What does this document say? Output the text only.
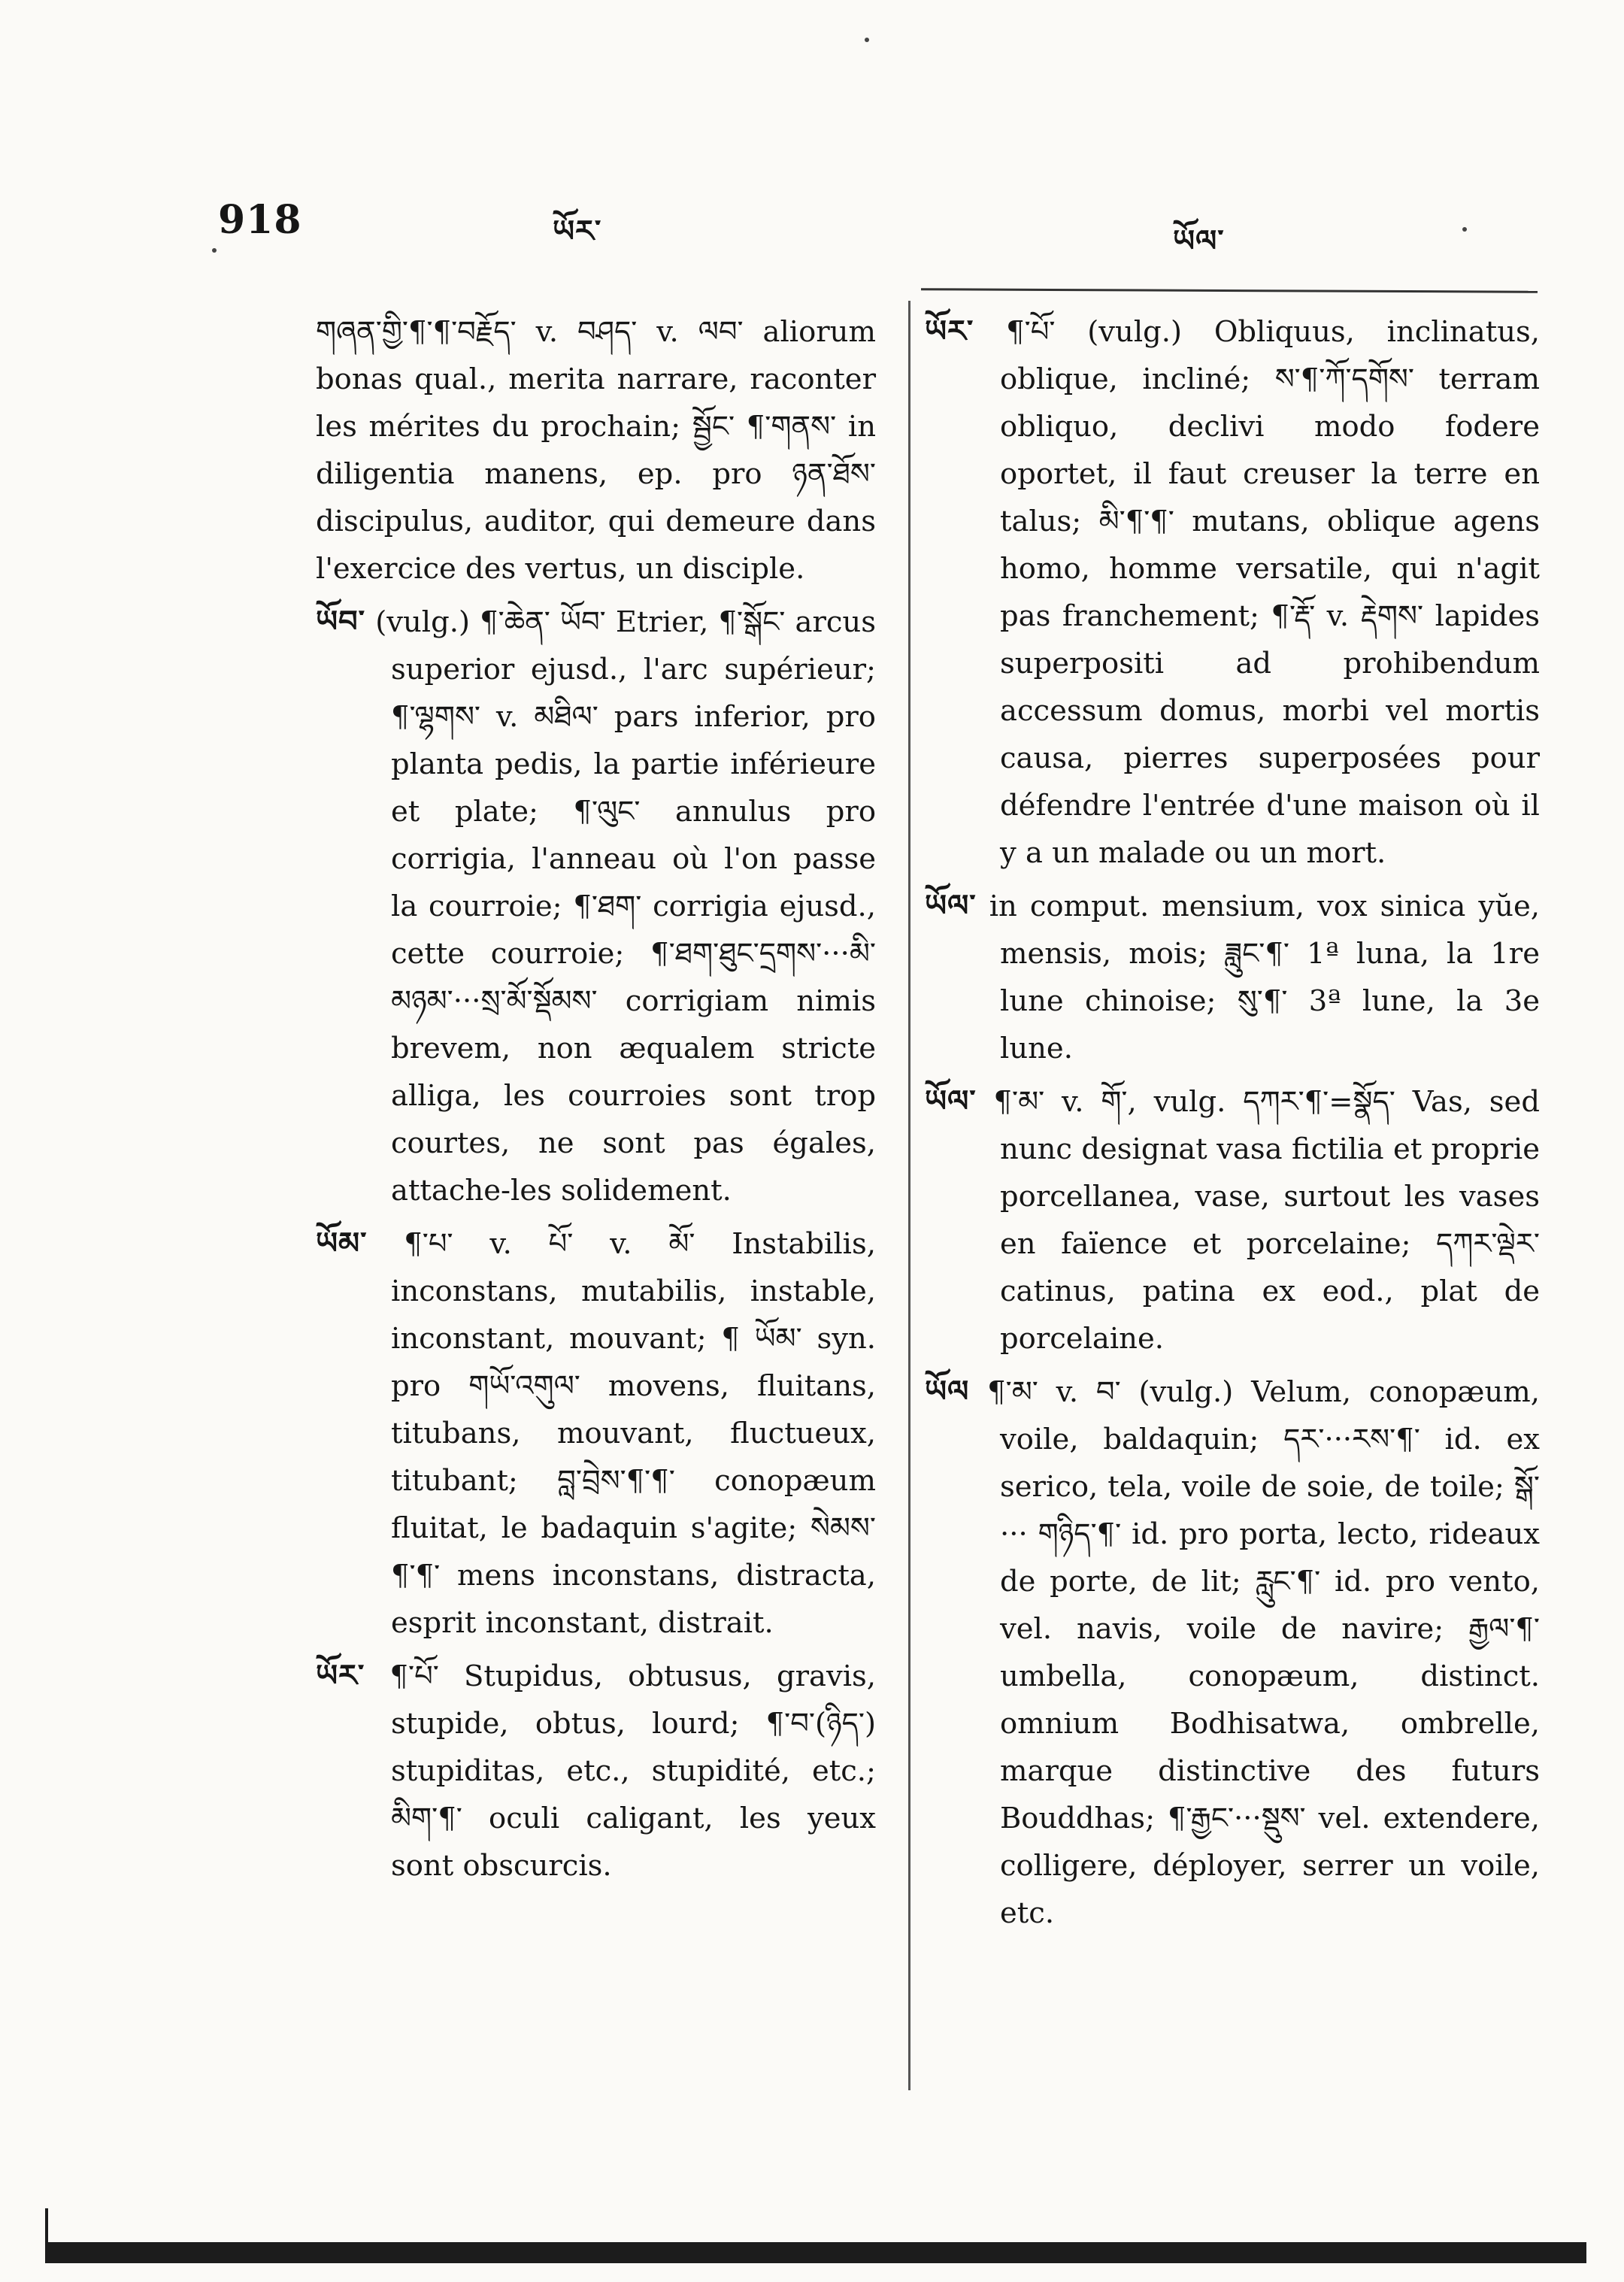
918	ཡོར་	ཡོལ་
གཞན་གྱི་¶་¶་བརྗོད་ v. བཤད་ v. ལབ་ aliorum bonas qual., merita narrare, raconter les mérites du prochain; སྦྱོང་ ¶་གནས་ in diligentia manens, ep. pro ཉན་ཐོས་ discipulus, auditor, qui demeure dans l'exercice des vertus, un disciple.
ཡོབ་ (vulg.) ¶་ཆེན་ ཡོབ་ Etrier, ¶་སྒོང་ arcus superior ejusd., l'arc supérieur; ¶་ལྷགས་ v. མཐིལ་ pars inferior, pro planta pedis, la partie inférieure et plate; ¶་ལུང་ annulus pro corrigia, l'anneau où l'on passe la courroie; ¶་ཐག་ corrigia ejusd., cette courroie; ¶་ཐག་ཐུང་དྲགས་···མི་མཉམ་···སྲ་མོ་སྡོམས་ corrigiam nimis brevem, non æqualem stricte alliga, les courroies sont trop courtes, ne sont pas égales, attache-les solidement.
ཡོམ་ ¶་པ་ v. པོ་ v. མོ་ Instabilis, inconstans, mutabilis, instable, inconstant, mouvant; ¶ ཡོམ་ syn. pro གཡོ་འགུལ་ movens, fluitans, titubans, mouvant, fluctueux, titubant; བླ་བྲེས་¶་¶་ conopæum fluitat, le badaquin s'agite; སེམས་¶་¶་ mens inconstans, distracta, esprit inconstant, distrait.
ཡོར་ ¶་པོ་ Stupidus, obtusus, gravis, stupide, obtus, lourd; ¶་བ་(ཉིད་) stupiditas, etc., stupidité, etc.; མིག་¶་ oculi caligant, les yeux sont obscurcis.
ཡོར་ ¶་པོ་ (vulg.) Obliquus, inclinatus, oblique, incliné; ས་¶་ཀོ་དགོས་ terram obliquo, declivi modo fodere oportet, il faut creuser la terre en talus; མི་¶་¶་ mutans, oblique agens homo, homme versatile, qui n'agit pas franchement; ¶་རྡོ་ v. རྡེགས་ lapides superpositi ad prohibendum accessum domus, morbi vel mortis causa, pierres superposées pour défendre l'entrée d'une maison où il y a un malade ou un mort.
ཡོལ་ in comput. mensium, vox sinica yŭe, mensis, mois; ཟླུང་¶་ 1ª luna, la 1re lune chinoise; སུ་¶་ 3ª lune, la 3e lune.
ཡོལ་ ¶་མ་ v. གོ་, vulg. དཀར་¶་=སྣོད་ Vas, sed nunc designat vasa fictilia et proprie porcellanea, vase, surtout les vases en faïence et porcelaine; དཀར་ལྡེར་ catinus, patina ex eod., plat de porcelaine.
ཡོལ ¶་མ་ v. བ་ (vulg.) Velum, conopæum, voile, baldaquin; དར་···རས་¶་ id. ex serico, tela, voile de soie, de toile; སྒོ་··· གཉིད་¶་ id. pro porta, lecto, rideaux de porte, de lit; རླུང་¶་ id. pro vento, vel. navis, voile de navire; རྒྱལ་¶་ umbella, conopæum, distinct. omnium Bodhisatwa, ombrelle, marque distinctive des futurs Bouddhas; ¶་རྒྱང་···སྡུས་ vel. extendere, colligere, déployer, serrer un voile, etc.
